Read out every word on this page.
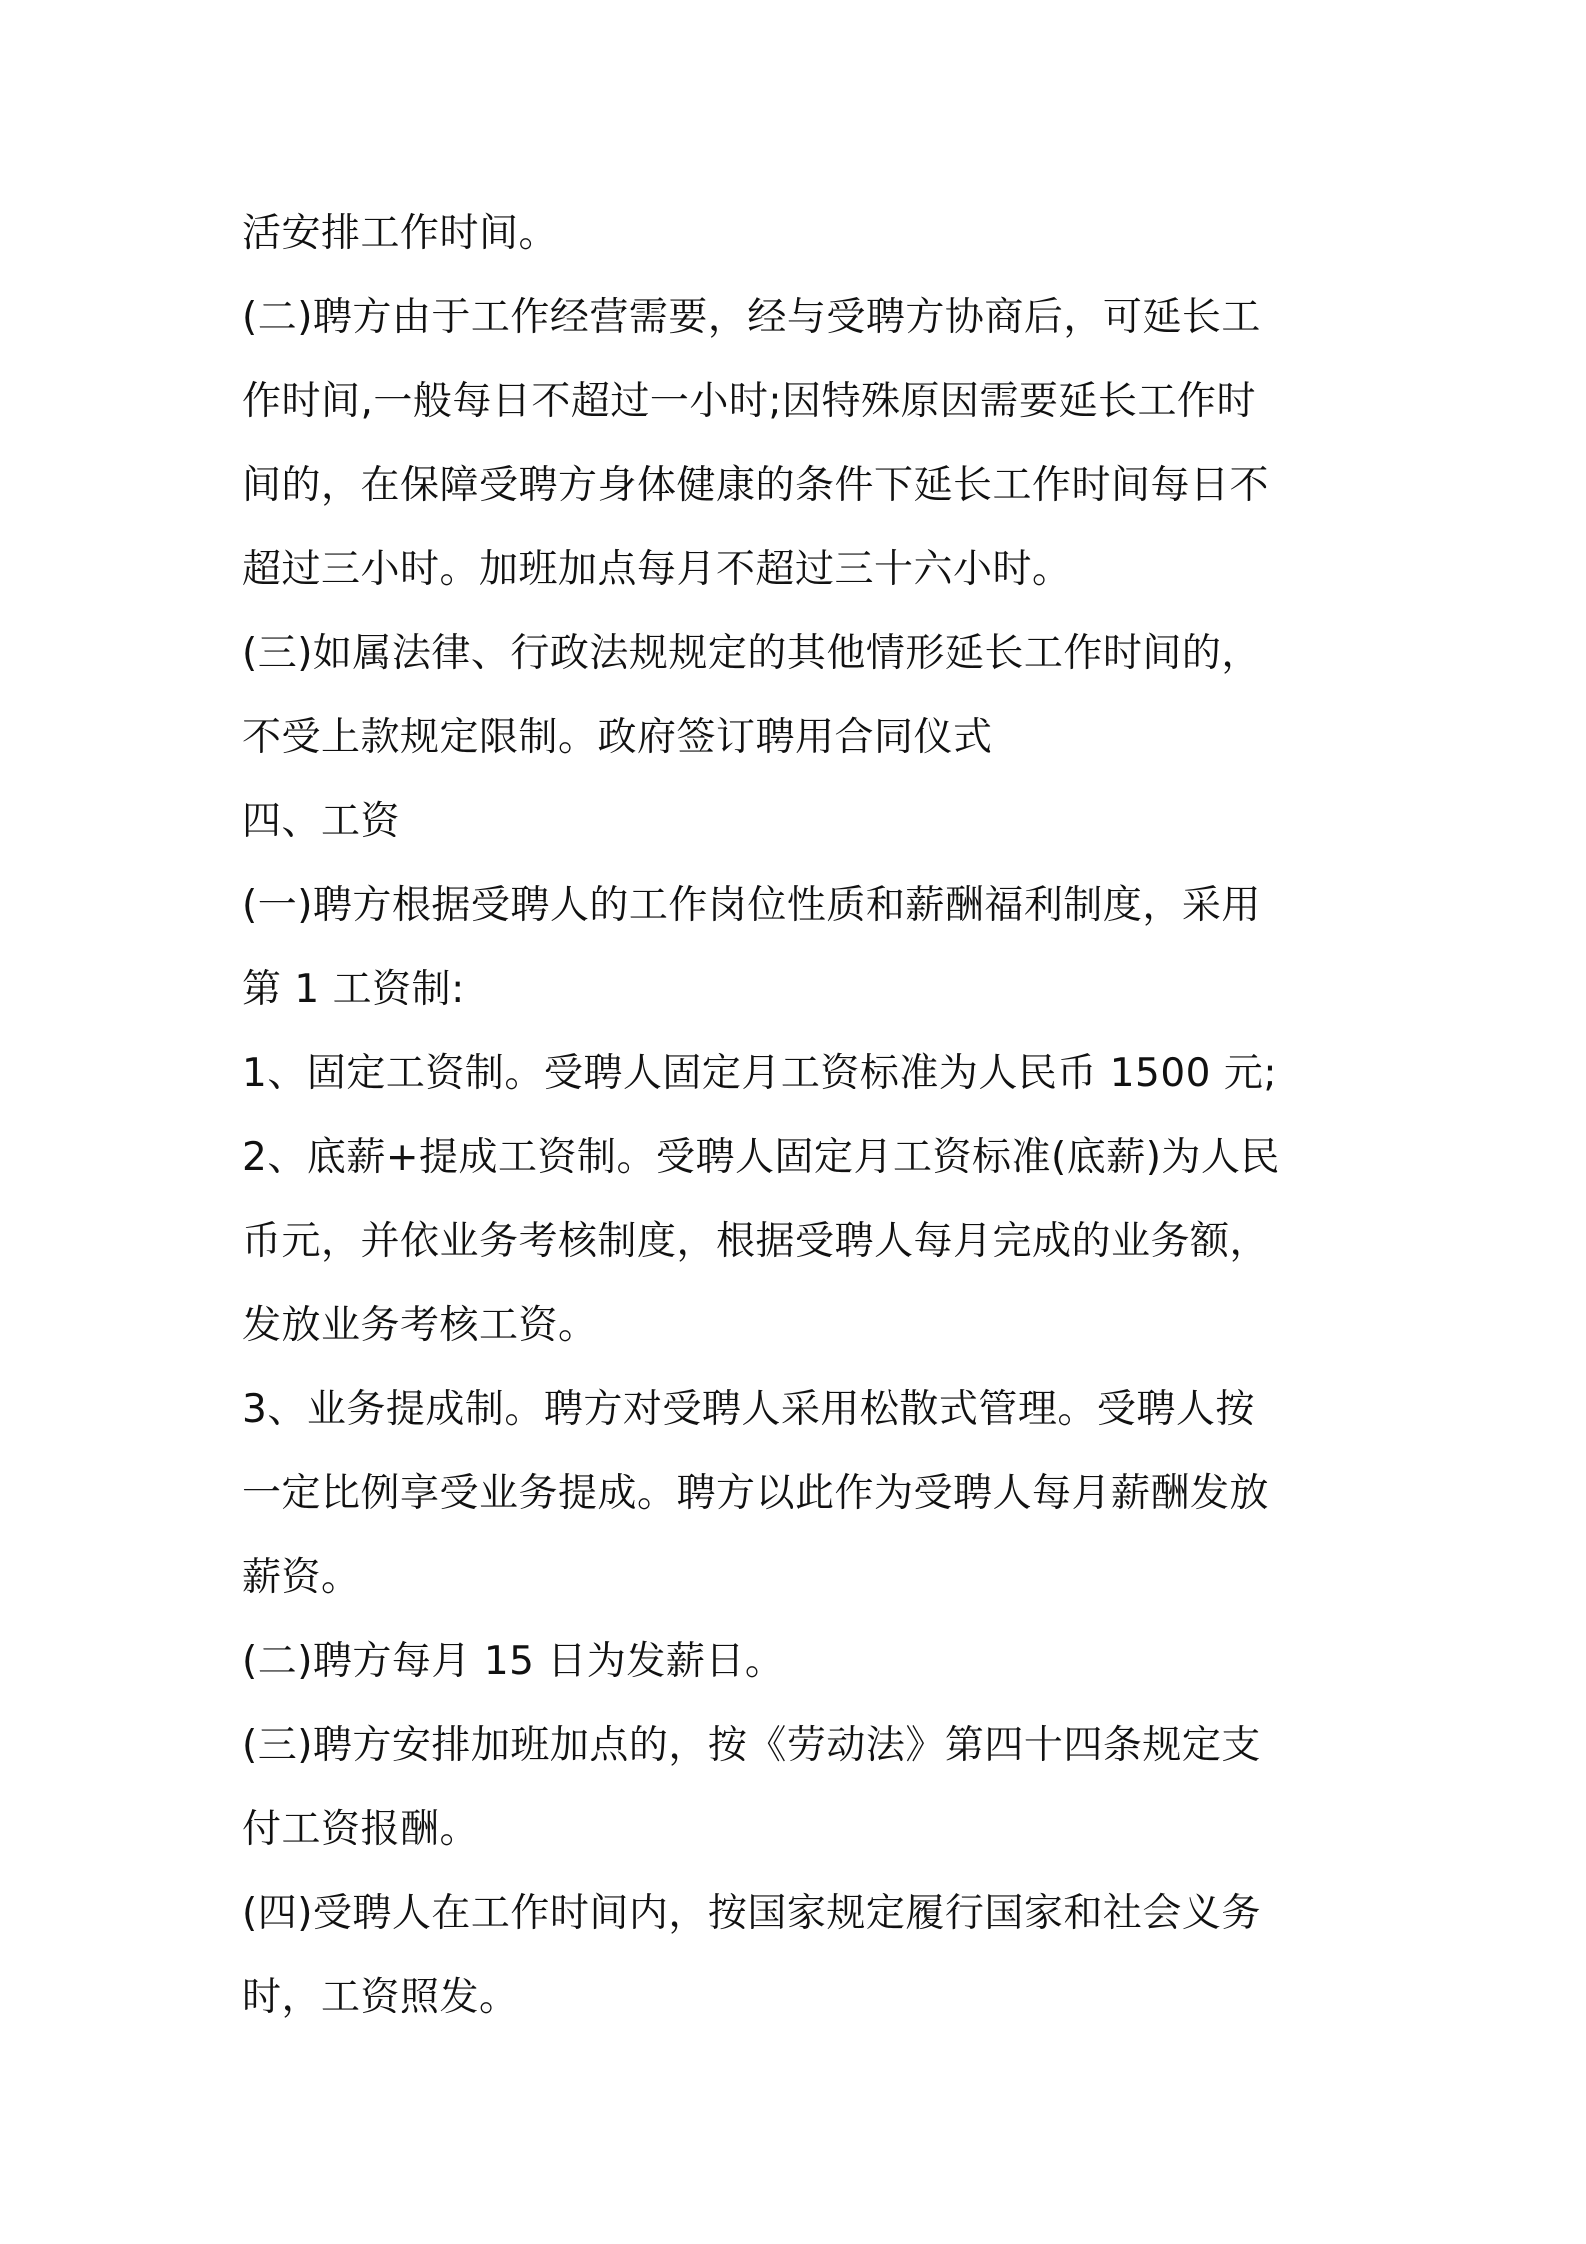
活安排工作时间。
(二)聘方由于工作经营需要，经与受聘方协商后，可延长工
作时间,一般每日不超过一小时;因特殊原因需要延长工作时
间的，在保障受聘方身体健康的条件下延长工作时间每日不
超过三小时。加班加点每月不超过三十六小时。
(三)如属法律、行政法规规定的其他情形延长工作时间的，
不受上款规定限制。政府签订聘用合同仪式
四、工资
(一)聘方根据受聘人的工作岗位性质和薪酬福利制度，采用
第 1 工资制:
1、固定工资制。受聘人固定月工资标准为人民币 1500 元;
2、底薪+提成工资制。受聘人固定月工资标准(底薪)为人民
币元，并依业务考核制度，根据受聘人每月完成的业务额，
发放业务考核工资。
3、业务提成制。聘方对受聘人采用松散式管理。受聘人按
一定比例享受业务提成。聘方以此作为受聘人每月薪酬发放
薪资。
(二)聘方每月 15 日为发薪日。
(三)聘方安排加班加点的，按《劳动法》第四十四条规定支
付工资报酬。
(四)受聘人在工作时间内，按国家规定履行国家和社会义务
时，工资照发。
